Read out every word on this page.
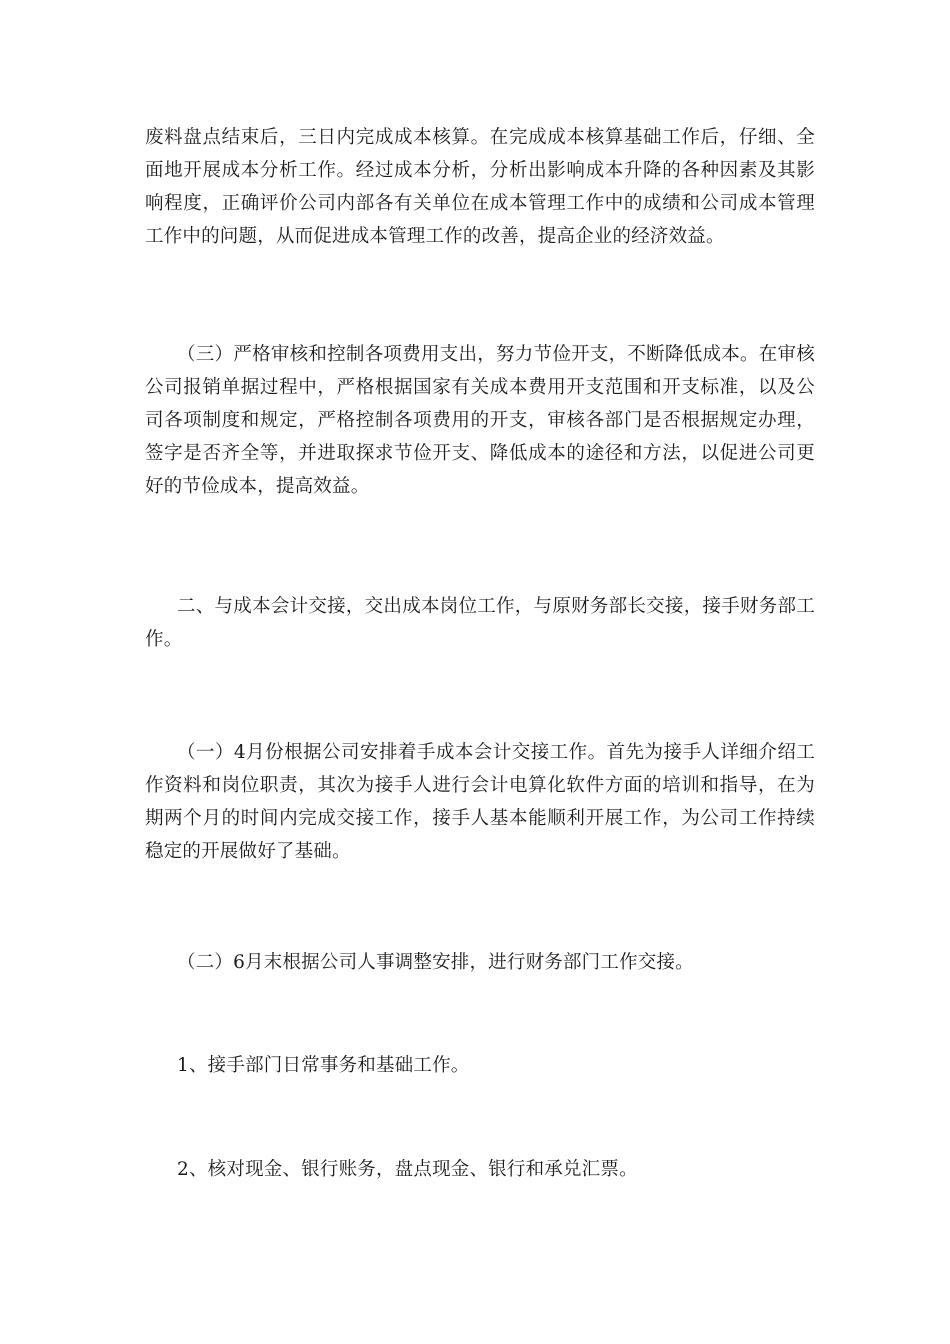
废料盘点结束后，三日内完成成本核算。在完成成本核算基础工作后，仔细、全面地开展成本分析工作。经过成本分析，分析出影响成本升降的各种因素及其影响程度，正确评价公司内部各有关单位在成本管理工作中的成绩和公司成本管理工作中的问题，从而促进成本管理工作的改善，提高企业的经济效益。

（三）严格审核和控制各项费用支出，努力节俭开支，不断降低成本。在审核公司报销单据过程中，严格根据国家有关成本费用开支范围和开支标准，以及公司各项制度和规定，严格控制各项费用的开支，审核各部门是否根据规定办理，签字是否齐全等，并进取探求节俭开支、降低成本的途径和方法，以促进公司更好的节俭成本，提高效益。

二、与成本会计交接，交出成本岗位工作，与原财务部长交接，接手财务部工作。

（一）4月份根据公司安排着手成本会计交接工作。首先为接手人详细介绍工作资料和岗位职责，其次为接手人进行会计电算化软件方面的培训和指导，在为期两个月的时间内完成交接工作，接手人基本能顺利开展工作，为公司工作持续稳定的开展做好了基础。

（二）6月末根据公司人事调整安排，进行财务部门工作交接。

1、接手部门日常事务和基础工作。

2、核对现金、银行账务，盘点现金、银行和承兑汇票。
